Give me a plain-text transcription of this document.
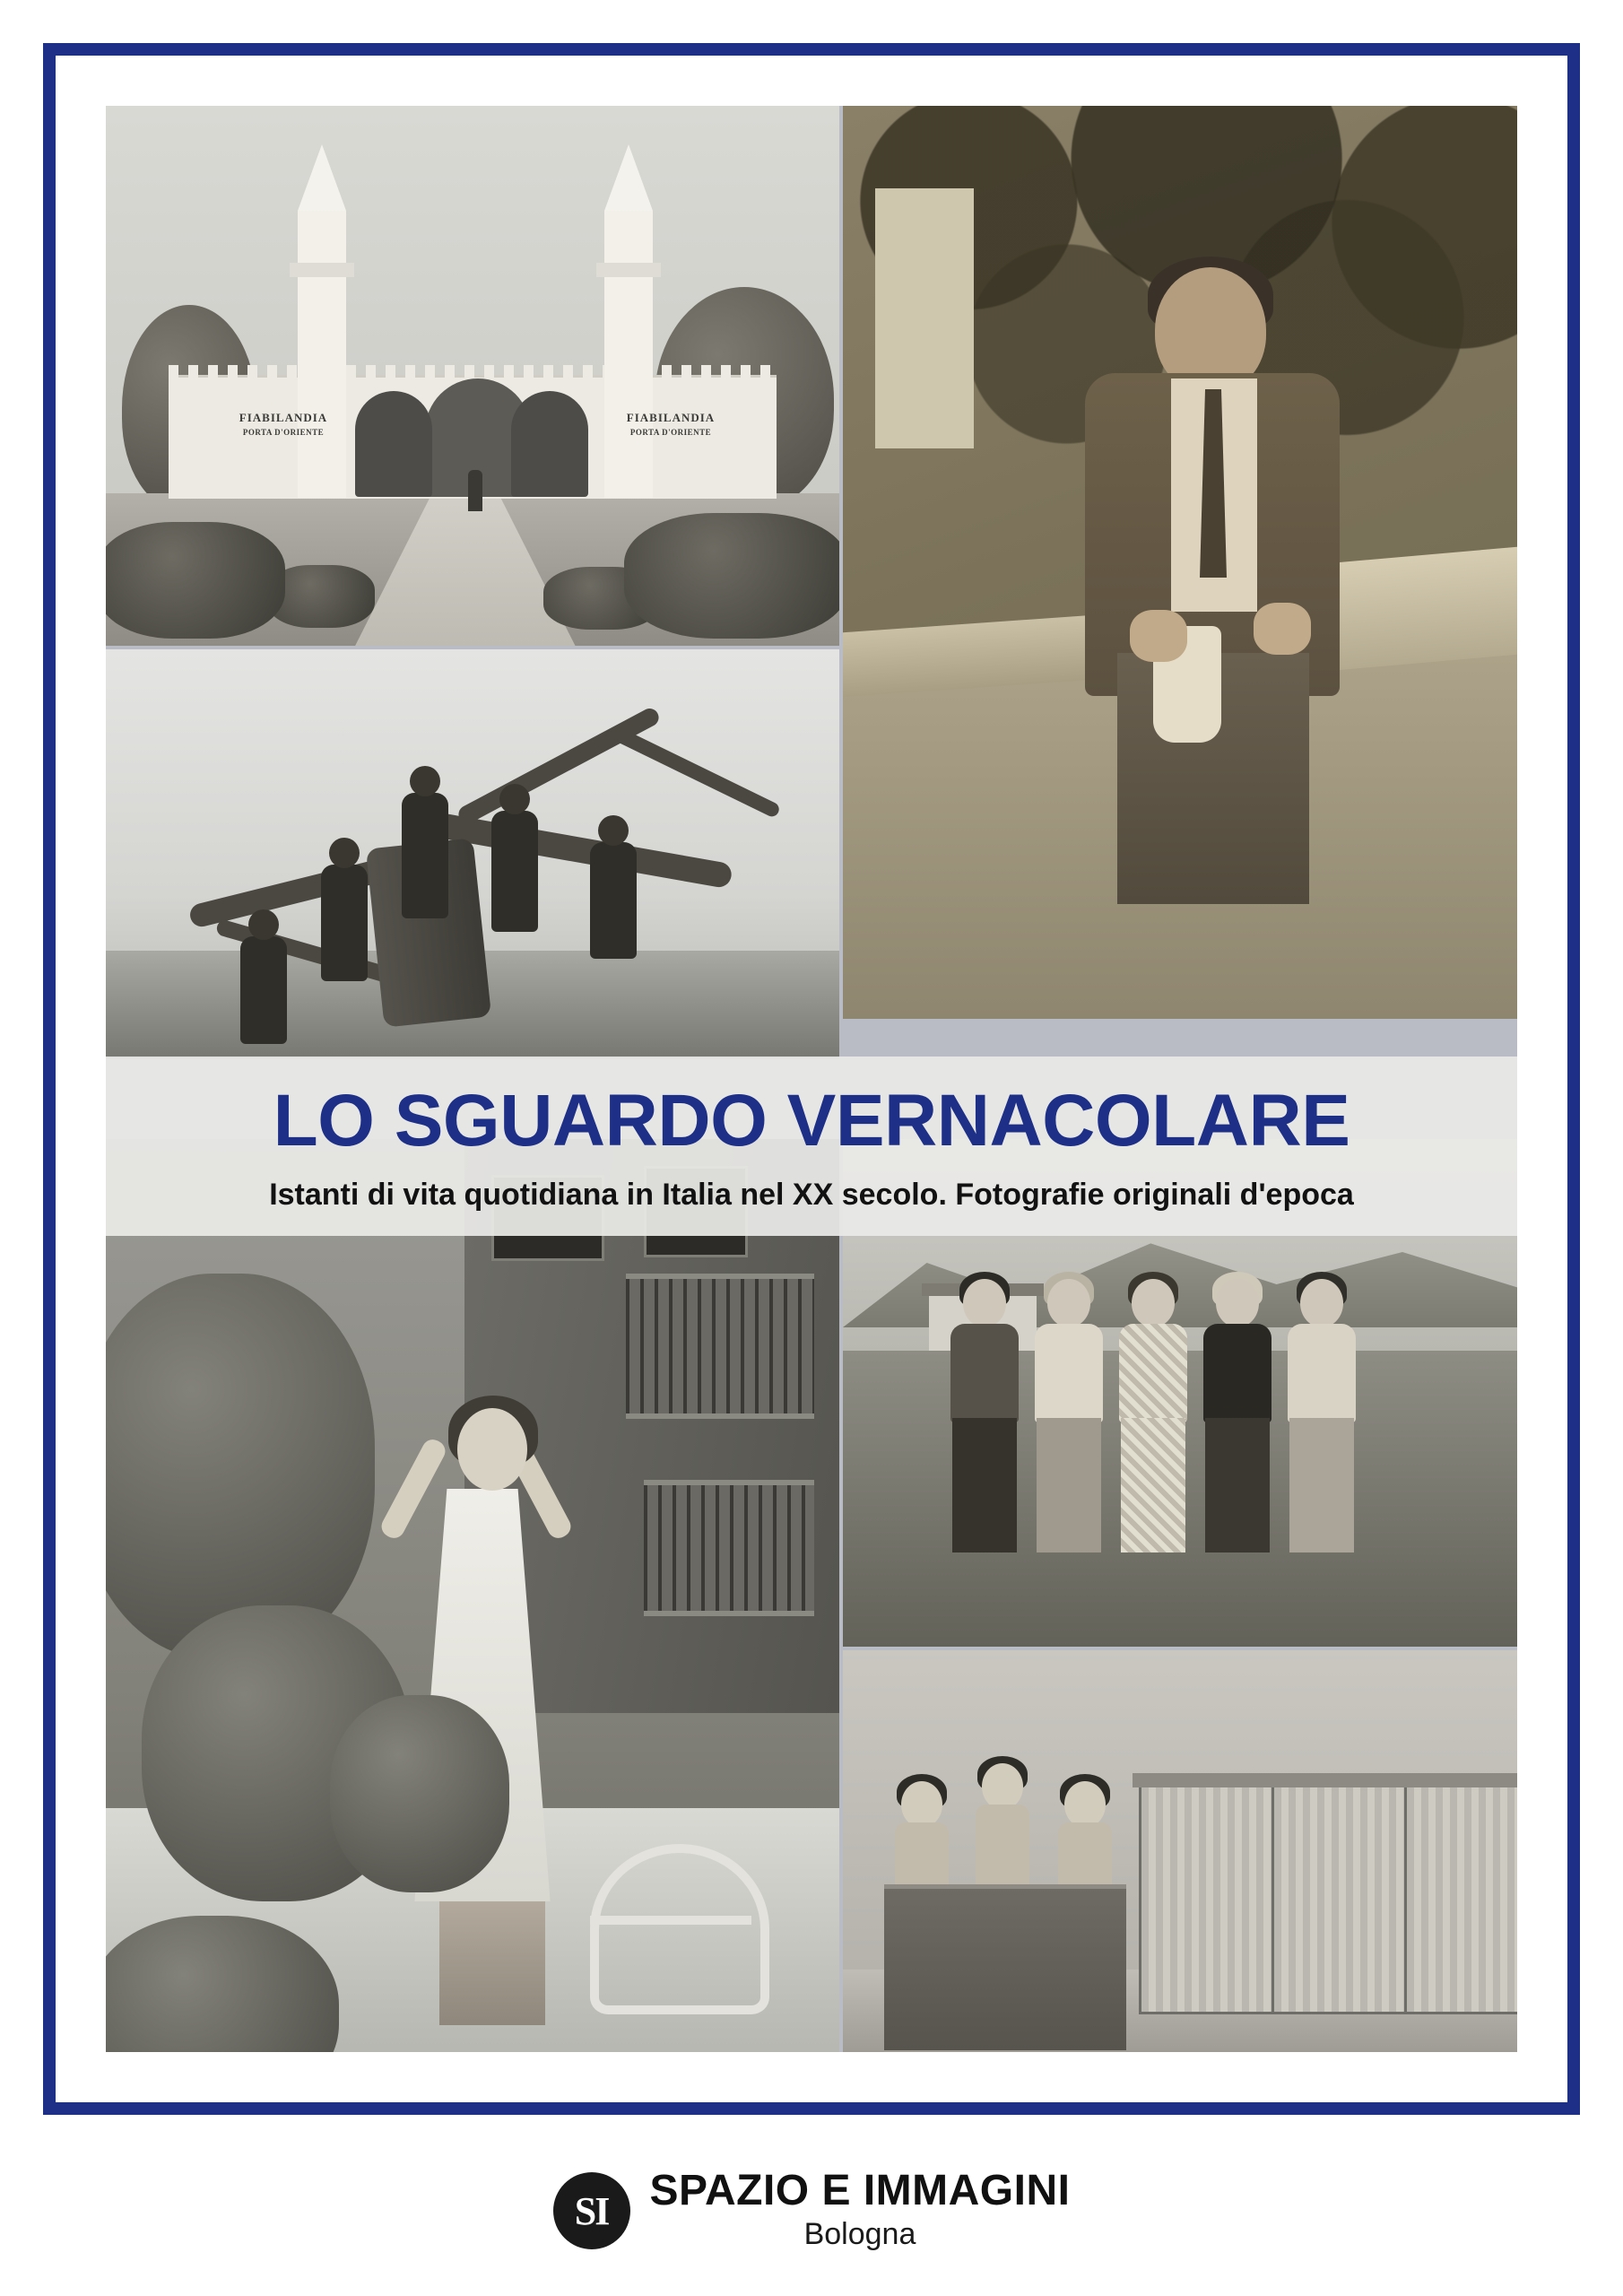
FIABILANDIA
PORTA D'ORIENTE
FIABILANDIA
PORTA D'ORIENTE
LO SGUARDO VERNACOLARE
Istanti di vita quotidiana in Italia nel XX secolo. Fotografie originali d'epoca
SI SPAZIO E IMMAGINI
Bologna
